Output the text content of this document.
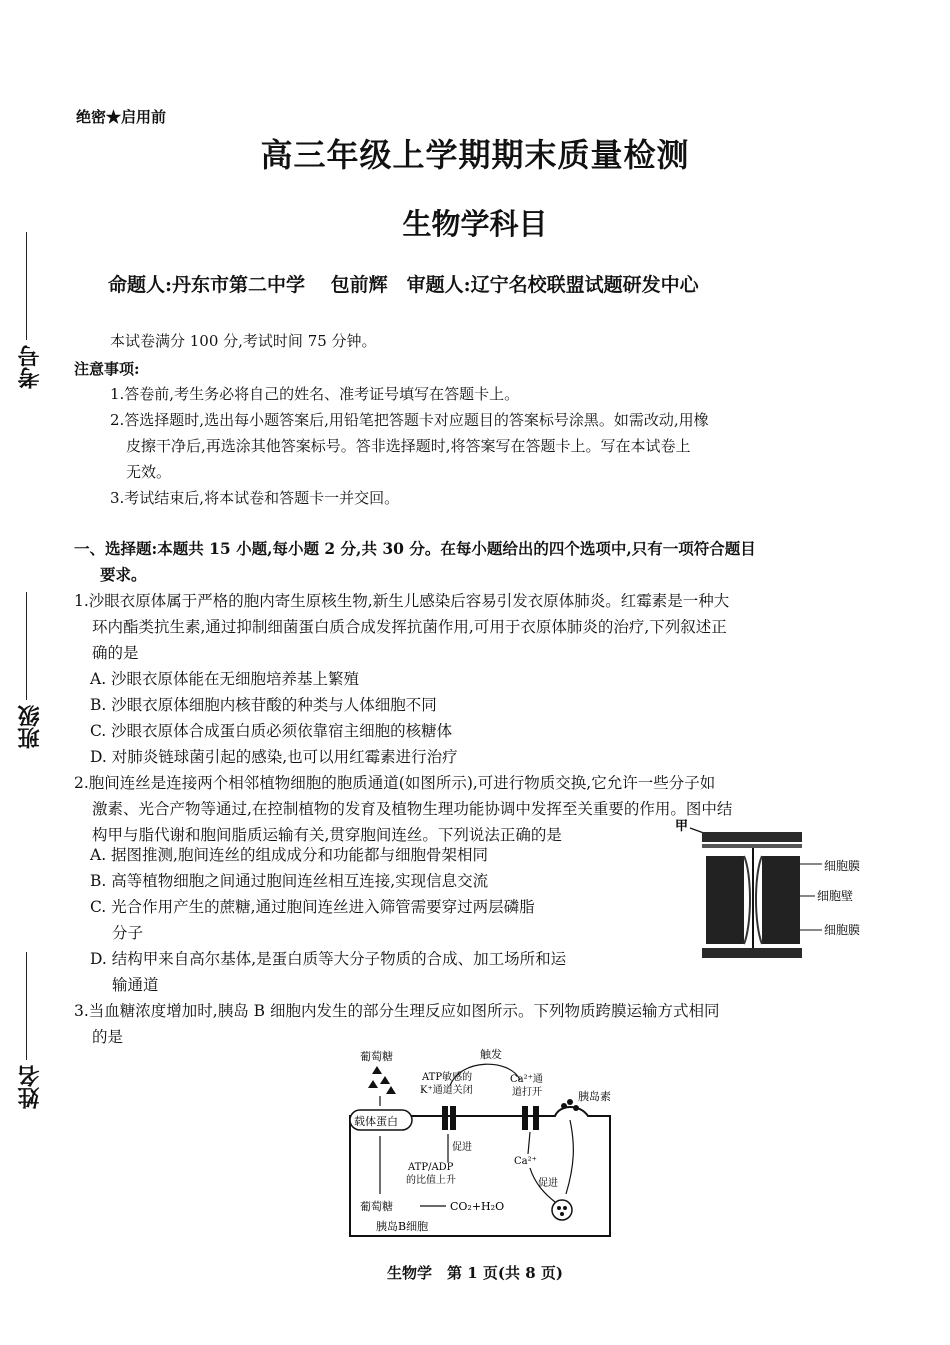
绝密★启用前
高三年级上学期期末质量检测
生物学科目
命题人:丹东市第二中学　 包前辉　审题人:辽宁名校联盟试题研发中心
考号
班级
姓名
本试卷满分 100 分,考试时间 75 分钟。
注意事项:
1.答卷前,考生务必将自己的姓名、准考证号填写在答题卡上。
2.答选择题时,选出每小题答案后,用铅笔把答题卡对应题目的答案标号涂黑。如需改动,用橡
皮擦干净后,再选涂其他答案标号。答非选择题时,将答案写在答题卡上。写在本试卷上
无效。
3.考试结束后,将本试卷和答题卡一并交回。
一、选择题:本题共 15 小题,每小题 2 分,共 30 分。在每小题给出的四个选项中,只有一项符合题目
要求。
1.沙眼衣原体属于严格的胞内寄生原核生物,新生儿感染后容易引发衣原体肺炎。红霉素是一种大
环内酯类抗生素,通过抑制细菌蛋白质合成发挥抗菌作用,可用于衣原体肺炎的治疗,下列叙述正
确的是
A. 沙眼衣原体能在无细胞培养基上繁殖
B. 沙眼衣原体细胞内核苷酸的种类与人体细胞不同
C. 沙眼衣原体合成蛋白质必须依靠宿主细胞的核糖体
D. 对肺炎链球菌引起的感染,也可以用红霉素进行治疗
2.胞间连丝是连接两个相邻植物细胞的胞质通道(如图所示),可进行物质交换,它允许一些分子如
激素、光合产物等通过,在控制植物的发育及植物生理功能协调中发挥至关重要的作用。图中结
构甲与脂代谢和胞间脂质运输有关,贯穿胞间连丝。下列说法正确的是
A. 据图推测,胞间连丝的组成成分和功能都与细胞骨架相同
B. 高等植物细胞之间通过胞间连丝相互连接,实现信息交流
C. 光合作用产生的蔗糖,通过胞间连丝进入筛管需要穿过两层磷脂
分子
D. 结构甲来自高尔基体,是蛋白质等大分子物质的合成、加工场所和运
输通道
甲
细胞膜
细胞壁
细胞膜
3.当血糖浓度增加时,胰岛 B 细胞内发生的部分生理反应如图所示。下列物质跨膜运输方式相同
的是
葡萄糖
载体蛋白
触发
ATP敏感的
K⁺通道关闭
Ca²⁺通
道打开	胰岛素
促进
ATP/ADP
的比值上升
Ca²⁺
促进
葡萄糖	CO₂+H₂O
胰岛B细胞
生物学　第 1 页(共 8 页)
